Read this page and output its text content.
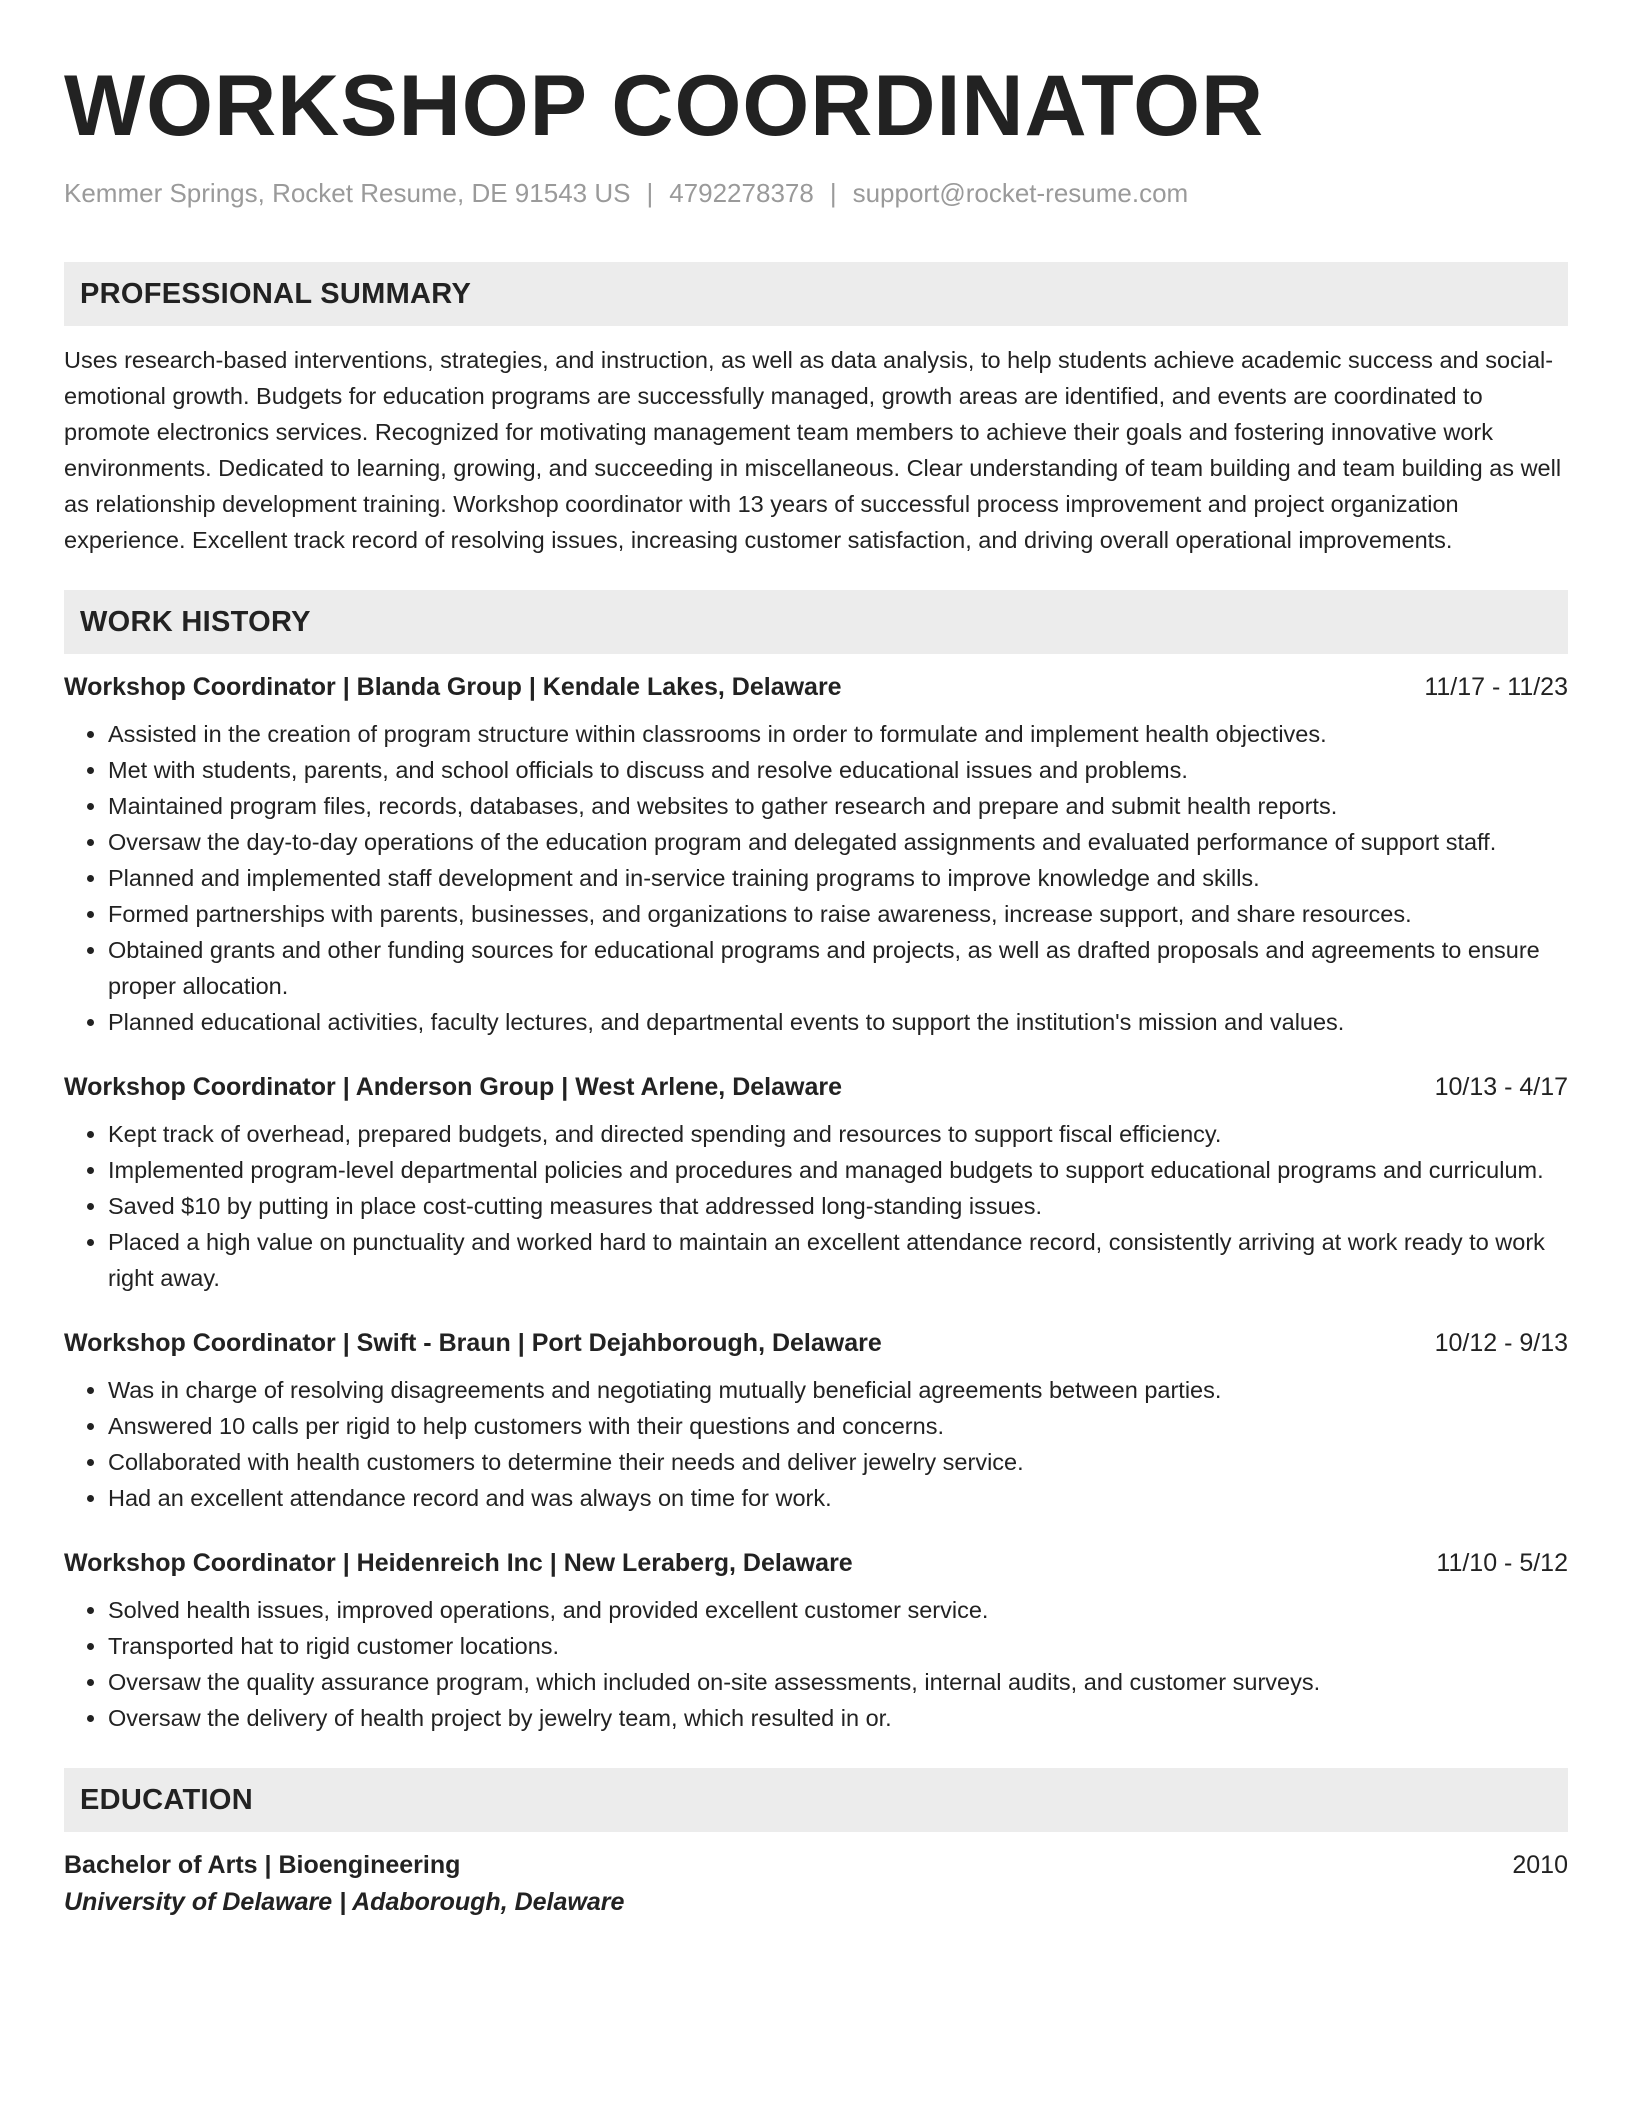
WORKSHOP COORDINATOR
Kemmer Springs, Rocket Resume, DE 91543 US | 4792278378 | support@rocket-resume.com
PROFESSIONAL SUMMARY
Uses research-based interventions, strategies, and instruction, as well as data analysis, to help students achieve academic success and social-emotional growth. Budgets for education programs are successfully managed, growth areas are identified, and events are coordinated to promote electronics services. Recognized for motivating management team members to achieve their goals and fostering innovative work environments. Dedicated to learning, growing, and succeeding in miscellaneous. Clear understanding of team building and team building as well as relationship development training. Workshop coordinator with 13 years of successful process improvement and project organization experience. Excellent track record of resolving issues, increasing customer satisfaction, and driving overall operational improvements.
WORK HISTORY
Workshop Coordinator | Blanda Group | Kendale Lakes, Delaware	11/17 - 11/23
• Assisted in the creation of program structure within classrooms in order to formulate and implement health objectives.
• Met with students, parents, and school officials to discuss and resolve educational issues and problems.
• Maintained program files, records, databases, and websites to gather research and prepare and submit health reports.
• Oversaw the day-to-day operations of the education program and delegated assignments and evaluated performance of support staff.
• Planned and implemented staff development and in-service training programs to improve knowledge and skills.
• Formed partnerships with parents, businesses, and organizations to raise awareness, increase support, and share resources.
• Obtained grants and other funding sources for educational programs and projects, as well as drafted proposals and agreements to ensure proper allocation.
• Planned educational activities, faculty lectures, and departmental events to support the institution's mission and values.
Workshop Coordinator | Anderson Group | West Arlene, Delaware	10/13 - 4/17
• Kept track of overhead, prepared budgets, and directed spending and resources to support fiscal efficiency.
• Implemented program-level departmental policies and procedures and managed budgets to support educational programs and curriculum.
• Saved $10 by putting in place cost-cutting measures that addressed long-standing issues.
• Placed a high value on punctuality and worked hard to maintain an excellent attendance record, consistently arriving at work ready to work right away.
Workshop Coordinator | Swift - Braun | Port Dejahborough, Delaware	10/12 - 9/13
• Was in charge of resolving disagreements and negotiating mutually beneficial agreements between parties.
• Answered 10 calls per rigid to help customers with their questions and concerns.
• Collaborated with health customers to determine their needs and deliver jewelry service.
• Had an excellent attendance record and was always on time for work.
Workshop Coordinator | Heidenreich Inc | New Leraberg, Delaware	11/10 - 5/12
• Solved health issues, improved operations, and provided excellent customer service.
• Transported hat to rigid customer locations.
• Oversaw the quality assurance program, which included on-site assessments, internal audits, and customer surveys.
• Oversaw the delivery of health project by jewelry team, which resulted in or.
EDUCATION
Bachelor of Arts | Bioengineering	2010
University of Delaware | Adaborough, Delaware
